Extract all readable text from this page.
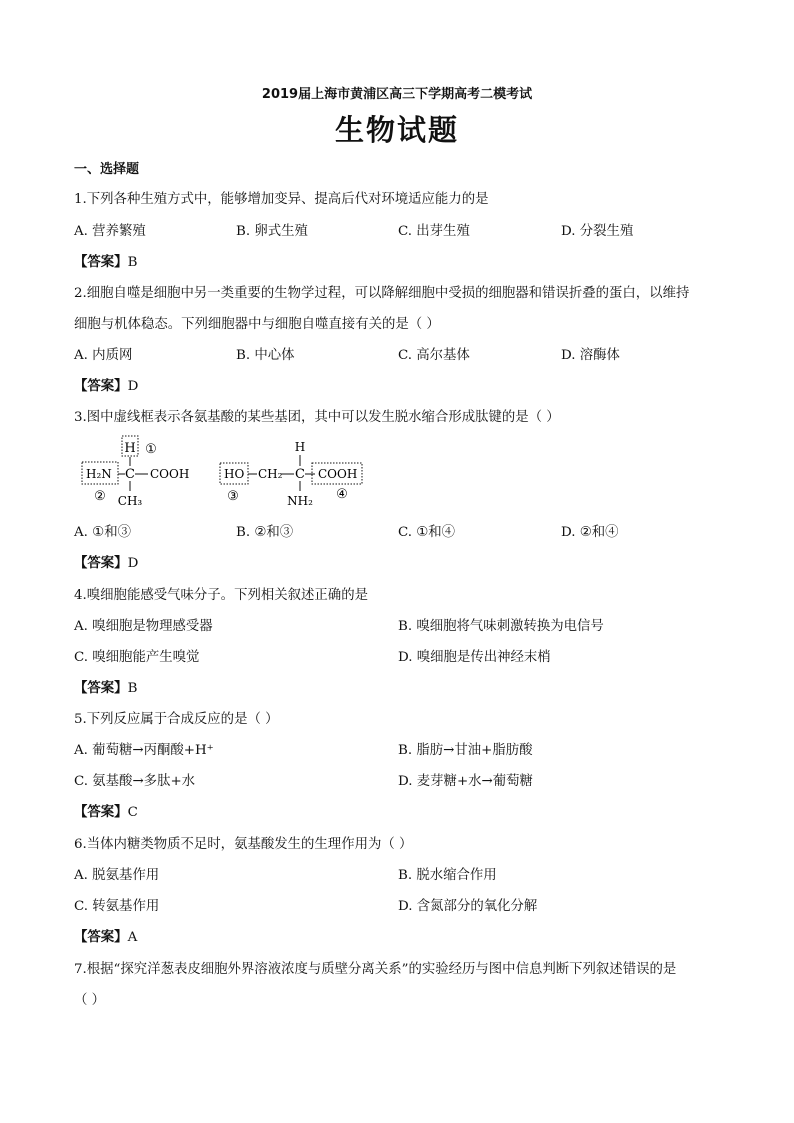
2019届上海市黄浦区高三下学期高考二模考试
生物试题
一、选择题
1.下列各种生殖方式中，能够增加变异、提高后代对环境适应能力的是
A. 营养繁殖	B. 卵式生殖	C. 出芽生殖	D. 分裂生殖
【答案】B
2.细胞自噬是细胞中另一类重要的生物学过程，可以降解细胞中受损的细胞器和错误折叠的蛋白，以维持
细胞与机体稳态。下列细胞器中与细胞自噬直接有关的是（ ）
A. 内质网	B. 中心体	C. 高尔基体	D. 溶酶体
【答案】D
3.图中虚线框表示各氨基酸的某些基团，其中可以发生脱水缩合形成肽键的是（ ）
H ①
H₂N C COOH
CH₃
②
H
HO CH₂ C COOH
NH₂
③	④
A. ①和③	B. ②和③	C. ①和④	D. ②和④
【答案】D
4.嗅细胞能感受气味分子。下列相关叙述正确的是
A. 嗅细胞是物理感受器	B. 嗅细胞将气味刺激转换为电信号
C. 嗅细胞能产生嗅觉	D. 嗅细胞是传出神经末梢
【答案】B
5.下列反应属于合成反应的是（ ）
A. 葡萄糖→丙酮酸+H⁺	B. 脂肪→甘油+脂肪酸
C. 氨基酸→多肽+水	D. 麦芽糖+水→葡萄糖
【答案】C
6.当体内糖类物质不足时，氨基酸发生的生理作用为（ ）
A. 脱氨基作用	B. 脱水缩合作用
C. 转氨基作用	D. 含氮部分的氧化分解
【答案】A
7.根据“探究洋葱表皮细胞外界溶液浓度与质壁分离关系”的实验经历与图中信息判断下列叙述错误的是
（ ）
